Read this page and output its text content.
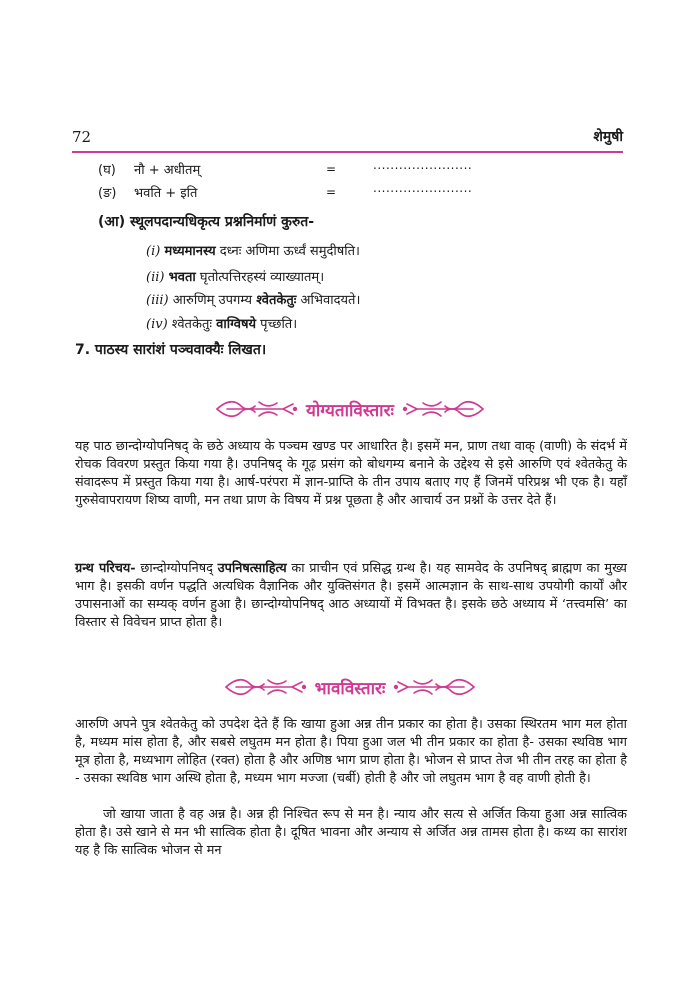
72	शेमुषी
(घ) नौ + अधीतम्	=	.......................
(ङ) भवति + इति	=	.......................
(आ) स्थूलपदान्यधिकृत्य प्रश्ननिर्माणं कुरुत-
(i) मध्यमानस्य दध्नः अणिमा ऊर्ध्वं समुदीषति।
(ii) भवता घृतोत्पत्तिरहस्यं व्याख्यातम्।
(iii) आरुणिम् उपगम्य श्वेतकेतुः अभिवादयते।
(iv) श्वेतकेतुः वाग्विषये पृच्छति।
7. पाठस्य सारांशं पञ्चवाक्यैः लिखत।
योग्यताविस्तारः

यह पाठ छान्दोग्योपनिषद् के छठे अध्याय के पञ्चम खण्ड पर आधारित है। इसमें मन, प्राण तथा वाक् (वाणी) के संदर्भ में रोचक विवरण प्रस्तुत किया गया है। उपनिषद् के गूढ़ प्रसंग को बोधगम्य बनाने के उद्देश्य से इसे आरुणि एवं श्वेतकेतु के संवादरूप में प्रस्तुत किया गया है। आर्ष-परंपरा में ज्ञान-प्राप्ति के तीन उपाय बताए गए हैं जिनमें परिप्रश्न भी एक है। यहाँ गुरुसेवापरायण शिष्य वाणी, मन तथा प्राण के विषय में प्रश्न पूछता है और आचार्य उन प्रश्नों के उत्तर देते हैं।

ग्रन्थ परिचय- छान्दोग्योपनिषद् उपनिषत्साहित्य का प्राचीन एवं प्रसिद्ध ग्रन्थ है। यह सामवेद के उपनिषद् ब्राह्मण का मुख्य भाग है। इसकी वर्णन पद्धति अत्यधिक वैज्ञानिक और युक्तिसंगत है। इसमें आत्मज्ञान के साथ-साथ उपयोगी कार्यों और उपासनाओं का सम्यक् वर्णन हुआ है। छान्दोग्योपनिषद् आठ अध्यायों में विभक्त है। इसके छठे अध्याय में ‘तत्त्वमसि’ का विस्तार से विवेचन प्राप्त होता है।

भावविस्तारः

आरुणि अपने पुत्र श्वेतकेतु को उपदेश देते हैं कि खाया हुआ अन्न तीन प्रकार का होता है। उसका स्थिरतम भाग मल होता है, मध्यम मांस होता है, और सबसे लघुतम मन होता है। पिया हुआ जल भी तीन प्रकार का होता है- उसका स्थविष्ठ भाग मूत्र होता है, मध्यभाग लोहित (रक्त) होता है और अणिष्ठ भाग प्राण होता है। भोजन से प्राप्त तेज भी तीन तरह का होता है - उसका स्थविष्ठ भाग अस्थि होता है, मध्यम भाग मज्जा (चर्बी) होती है और जो लघुतम भाग है वह वाणी होती है।

जो खाया जाता है वह अन्न है। अन्न ही निश्चित रूप से मन है। न्याय और सत्य से अर्जित किया हुआ अन्न सात्विक होता है। उसे खाने से मन भी सात्विक होता है। दूषित भावना और अन्याय से अर्जित अन्न तामस होता है। कथ्य का सारांश यह है कि सात्विक भोजन से मन
